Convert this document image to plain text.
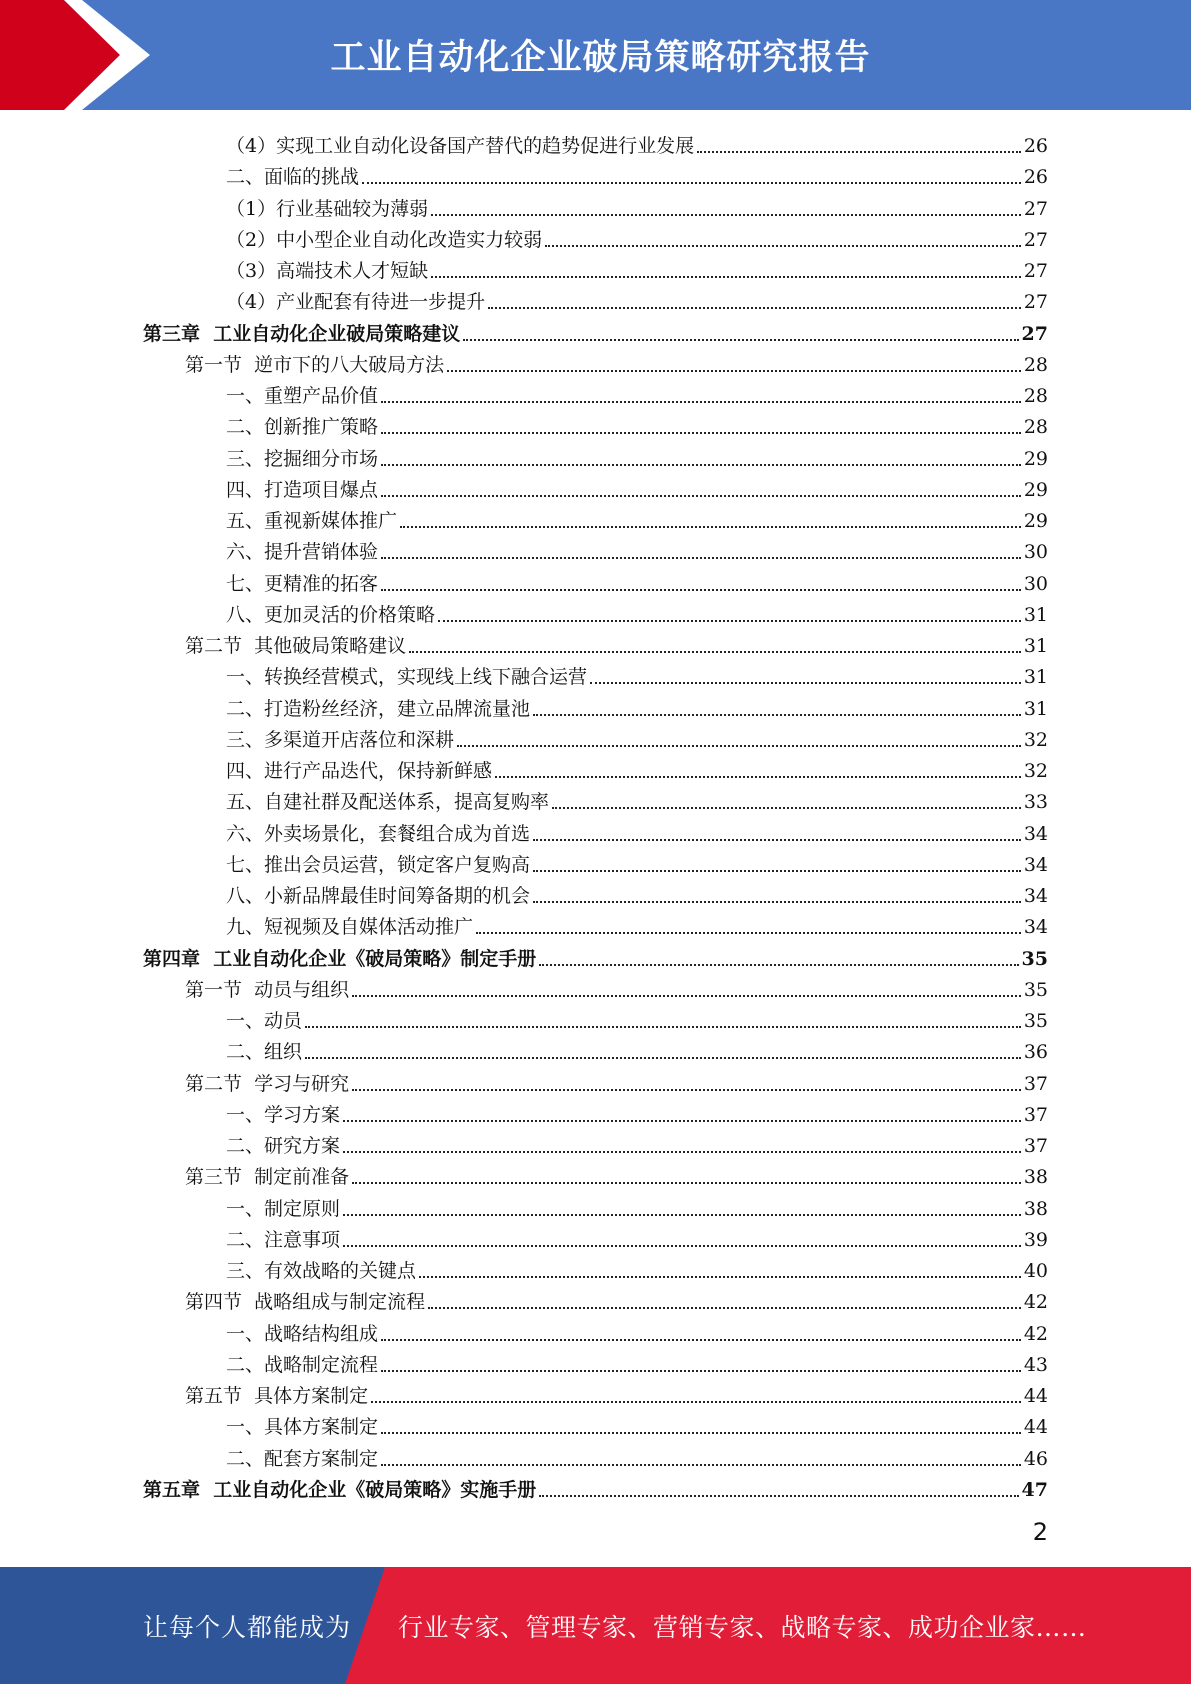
工业自动化企业破局策略研究报告
（4）实现工业自动化设备国产替代的趋势促进行业发展	26
二、面临的挑战	26
（1）行业基础较为薄弱	27
（2）中小型企业自动化改造实力较弱	27
（3）高端技术人才短缺	27
（4）产业配套有待进一步提升	27
第三章  工业自动化企业破局策略建议	27
第一节  逆市下的八大破局方法	28
一、重塑产品价值	28
二、创新推广策略	28
三、挖掘细分市场	29
四、打造项目爆点	29
五、重视新媒体推广	29
六、提升营销体验	30
七、更精准的拓客	30
八、更加灵活的价格策略	31
第二节  其他破局策略建议	31
一、转换经营模式，实现线上线下融合运营	31
二、打造粉丝经济，建立品牌流量池	31
三、多渠道开店落位和深耕	32
四、进行产品迭代，保持新鲜感	32
五、自建社群及配送体系，提高复购率	33
六、外卖场景化，套餐组合成为首选	34
七、推出会员运营，锁定客户复购高	34
八、小新品牌最佳时间筹备期的机会	34
九、短视频及自媒体活动推广	34
第四章  工业自动化企业《破局策略》制定手册	35
第一节  动员与组织	35
一、动员	35
二、组织	36
第二节  学习与研究	37
一、学习方案	37
二、研究方案	37
第三节  制定前准备	38
一、制定原则	38
二、注意事项	39
三、有效战略的关键点	40
第四节  战略组成与制定流程	42
一、战略结构组成	42
二、战略制定流程	43
第五节  具体方案制定	44
一、具体方案制定	44
二、配套方案制定	46
第五章  工业自动化企业《破局策略》实施手册	47
2
让每个人都能成为 行业专家、管理专家、营销专家、战略专家、成功企业家……
